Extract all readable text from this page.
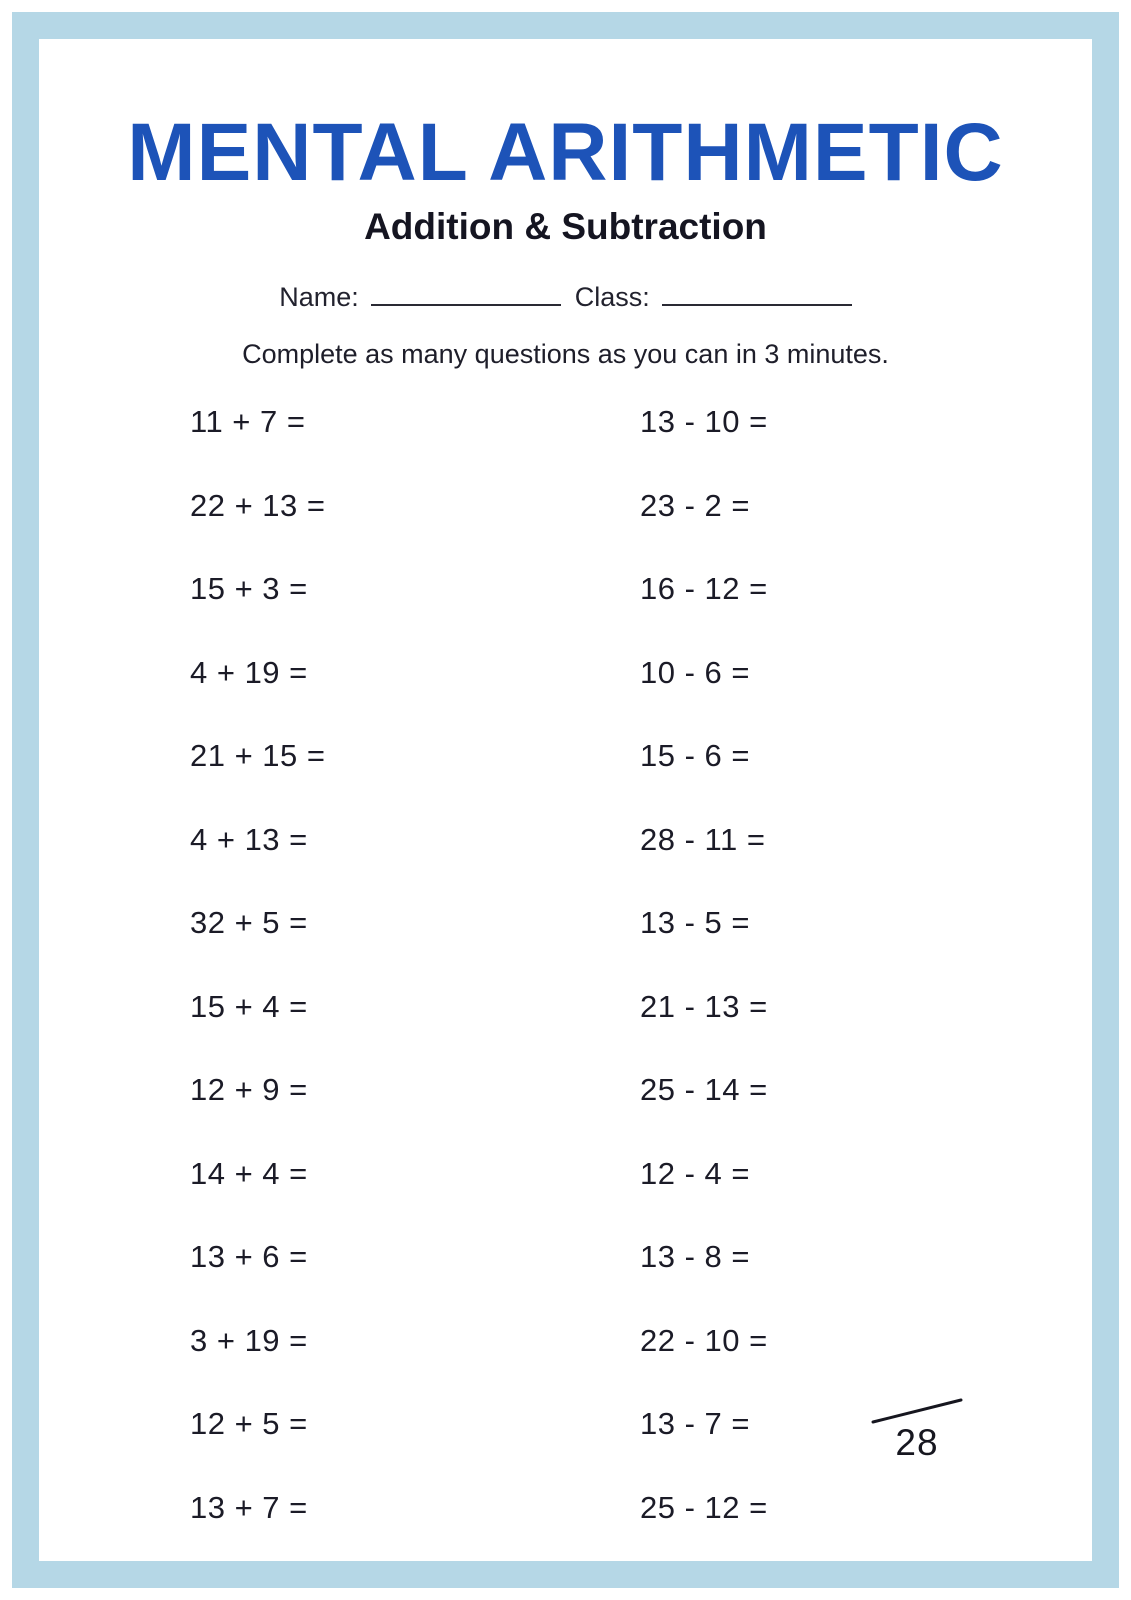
MENTAL ARITHMETIC
Addition & Subtraction
Name:	Class:

Complete as many questions as you can in 3 minutes.

11 + 7 =
22 + 13 =
15 + 3 =
4 + 19 =
21 + 15 =
4 + 13 =
32 + 5 =
15 + 4 =
12 + 9 =
14 + 4 =
13 + 6 =
3 + 19 =
12 + 5 =
13 + 7 =
13 - 10 =
23 - 2 =
16 - 12 =
10 - 6 =
15 - 6 =
28 - 11 =
13 - 5 =
21 - 13 =
25 - 14 =
12 - 4 =
13 - 8 =
22 - 10 =
13 - 7 =
25 - 12 =
28
